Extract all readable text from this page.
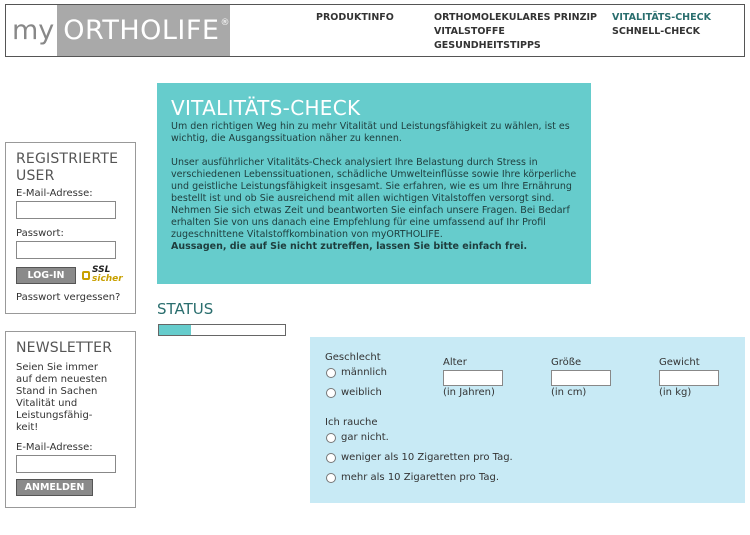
my ORTHOLIFE®	PRODUKTINFO	ORTHOMOLEKULARES PRINZIP
VITALSTOFFE
GESUNDHEITSTIPPS
VITALITÄTS-CHECK
SCHNELL-CHECK
REGISTRIERTE
USER
E-Mail-Adresse:
Passwort:
LOG-IN	SSL
sicher
Passwort vergessen?
NEWSLETTER
Seien Sie immer
auf dem neuesten
Stand in Sachen
Vitalität und
Leistungsfähig-
keit!
E-Mail-Adresse:
ANMELDEN
VITALITÄTS-CHECK

Um den richtigen Weg hin zu mehr Vitalität und Leistungsfähigkeit zu wählen, ist es wichtig, die Ausgangssituation näher zu kennen.

Unser ausführlicher Vitalitäts-Check analysiert Ihre Belastung durch Stress in verschiedenen Lebenssituationen, schädliche Umwelteinflüsse sowie Ihre körperliche und geistliche Leistungsfähigkeit insgesamt. Sie erfahren, wie es um Ihre Ernährung bestellt ist und ob Sie ausreichend mit allen wichtigen Vitalstoffen versorgt sind. Nehmen Sie sich etwas Zeit und beantworten Sie einfach unsere Fragen. Bei Bedarf erhalten Sie von uns danach eine Empfehlung für eine umfassend auf Ihr Profil zugeschnittene Vitalstoffkombination von myORTHOLIFE.

Aussagen, die auf Sie nicht zutreffen, lassen Sie bitte einfach frei.

STATUS
Geschlecht
männlich
weiblich
Alter
(in Jahren)
Größe
(in cm)
Gewicht
(in kg)
Ich rauche
gar nicht.
weniger als 10 Zigaretten pro Tag.
mehr als 10 Zigaretten pro Tag.
